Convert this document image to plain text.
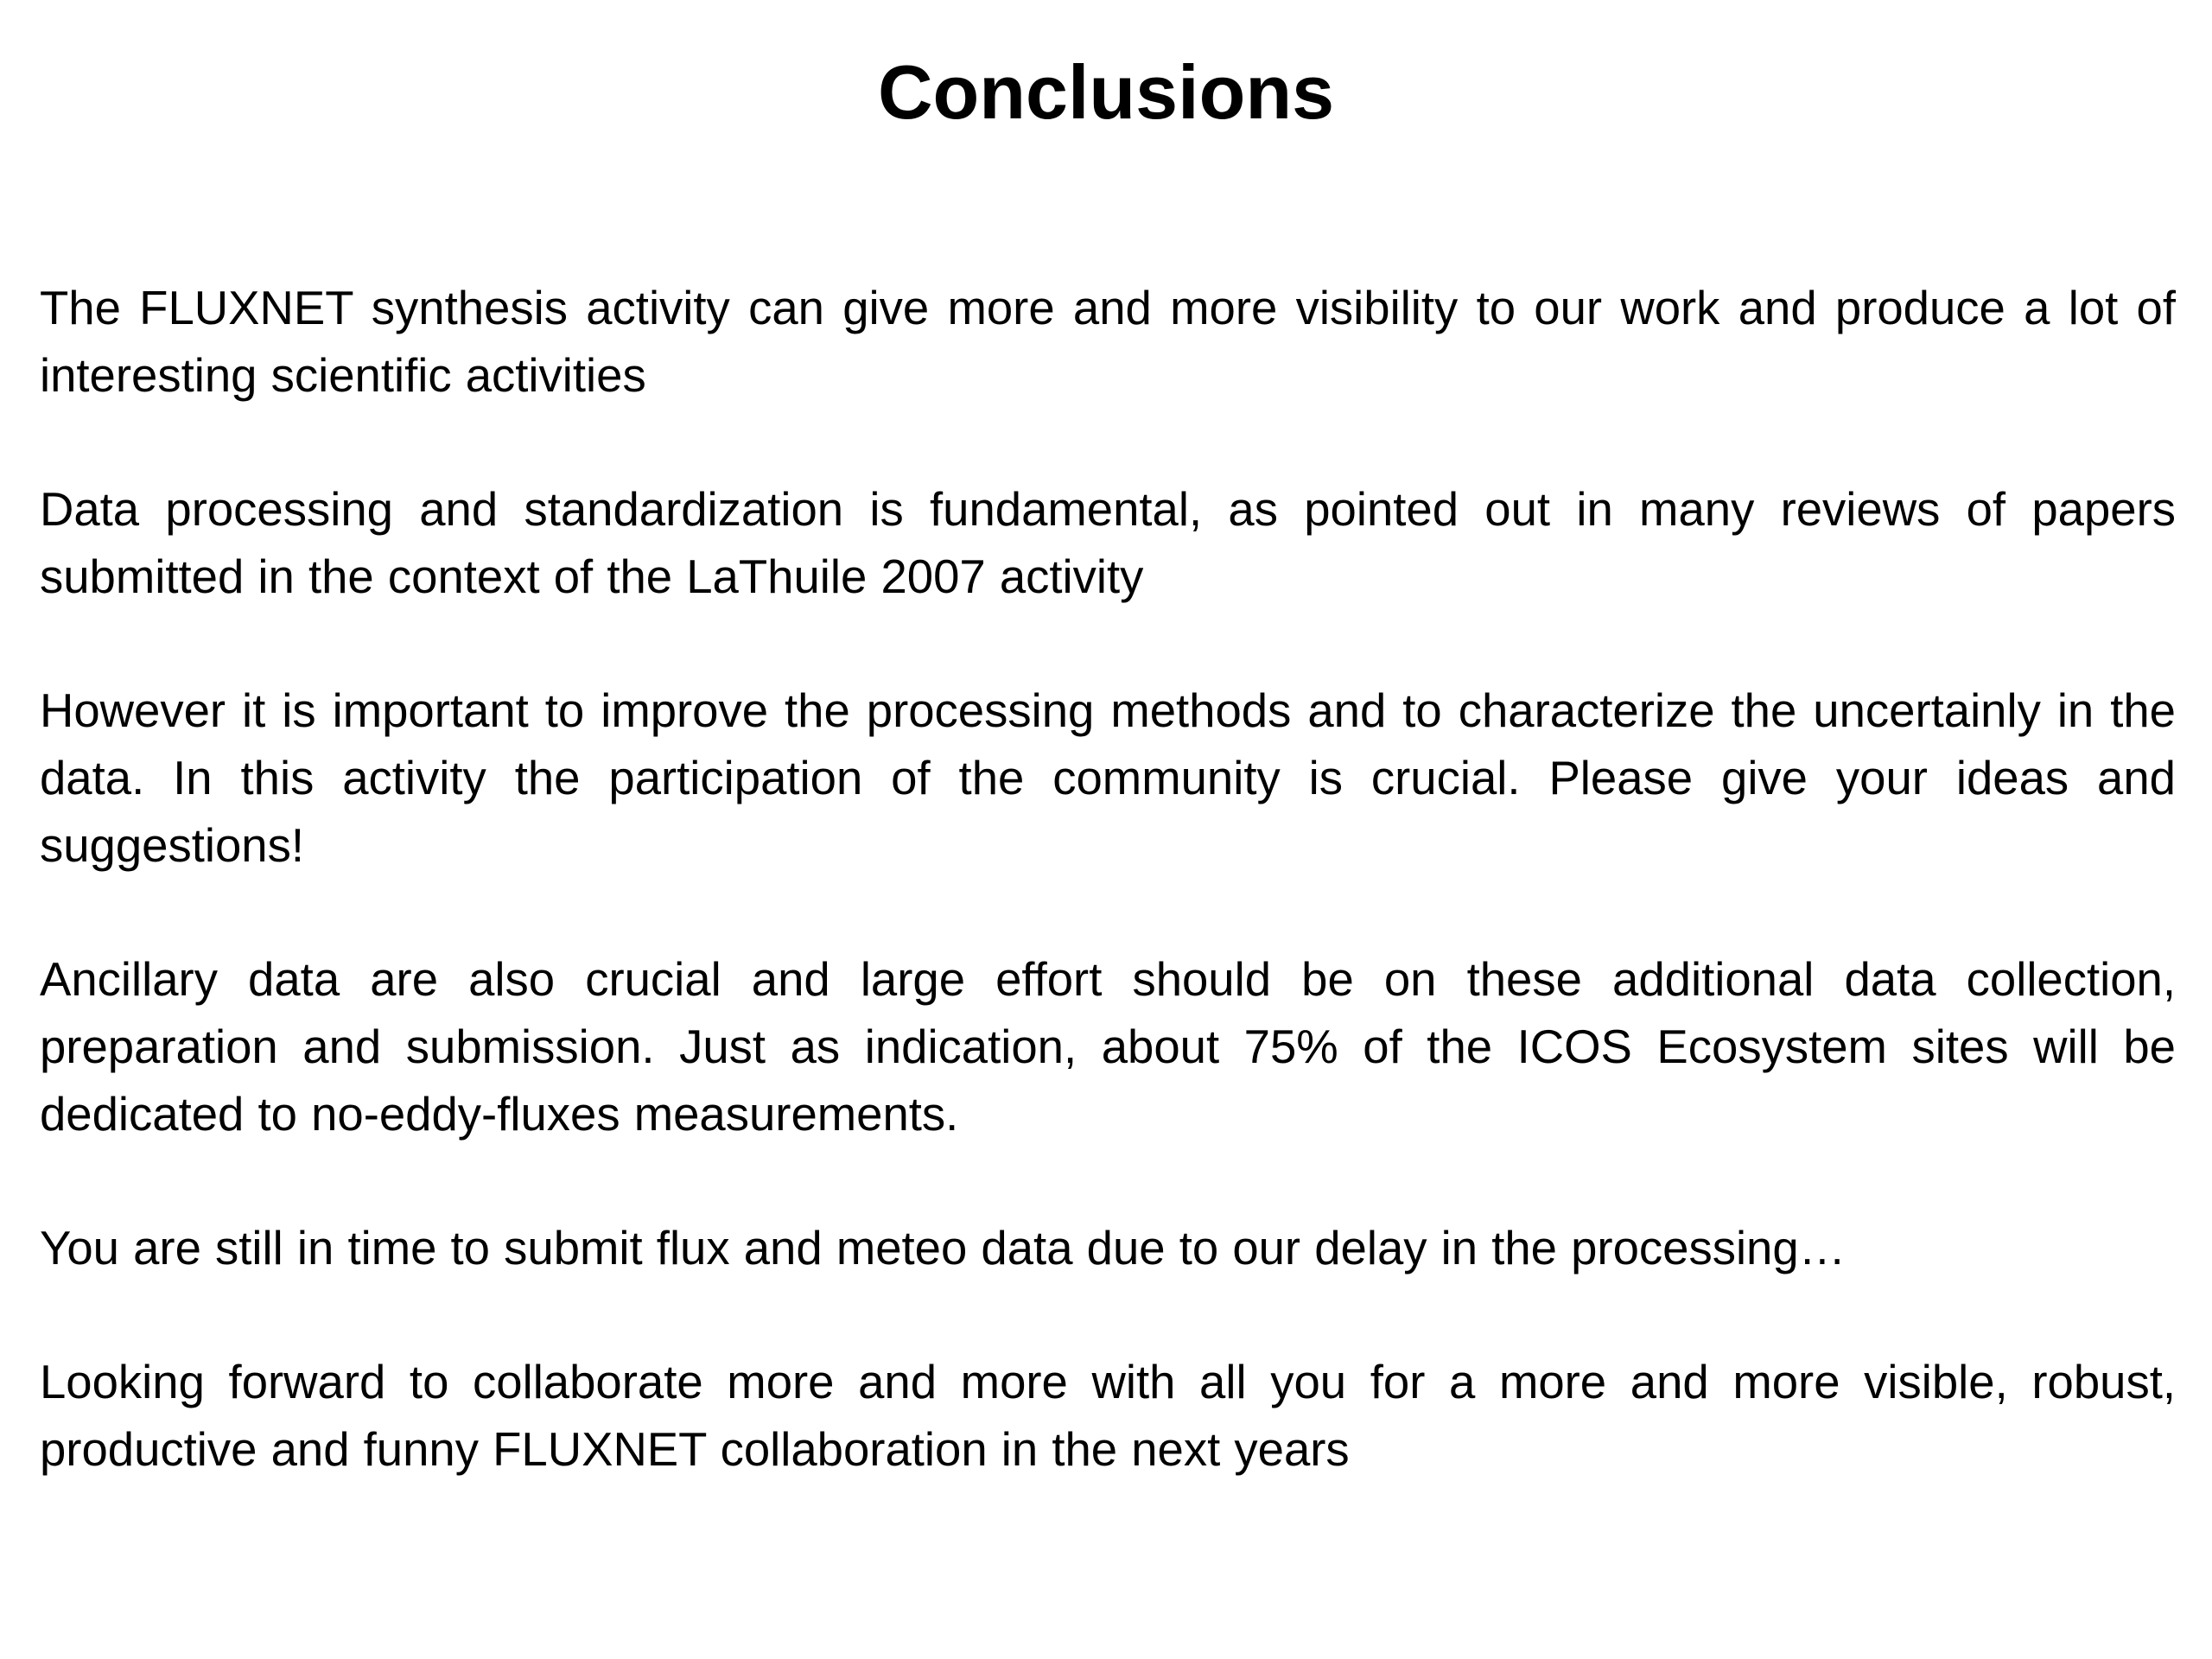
Conclusions

The FLUXNET synthesis activity can give more and more visibility to our work and produce a lot of interesting scientific activities

Data processing and standardization is fundamental, as pointed out in many reviews of papers submitted in the context of the LaThuile 2007 activity

However it is important to improve the processing methods and to characterize the uncertainly in the data. In this activity the participation of the community is crucial. Please give your ideas and suggestions!

Ancillary data are also crucial and large effort should be on these additional data collection, preparation and submission. Just as indication, about 75% of the ICOS Ecosystem sites will be dedicated to no-eddy-fluxes measurements.

You are still in time to submit flux and meteo data due to our delay in the processing…

Looking forward to collaborate more and more with all you for a more and more visible, robust, productive and funny FLUXNET collaboration in the next years
